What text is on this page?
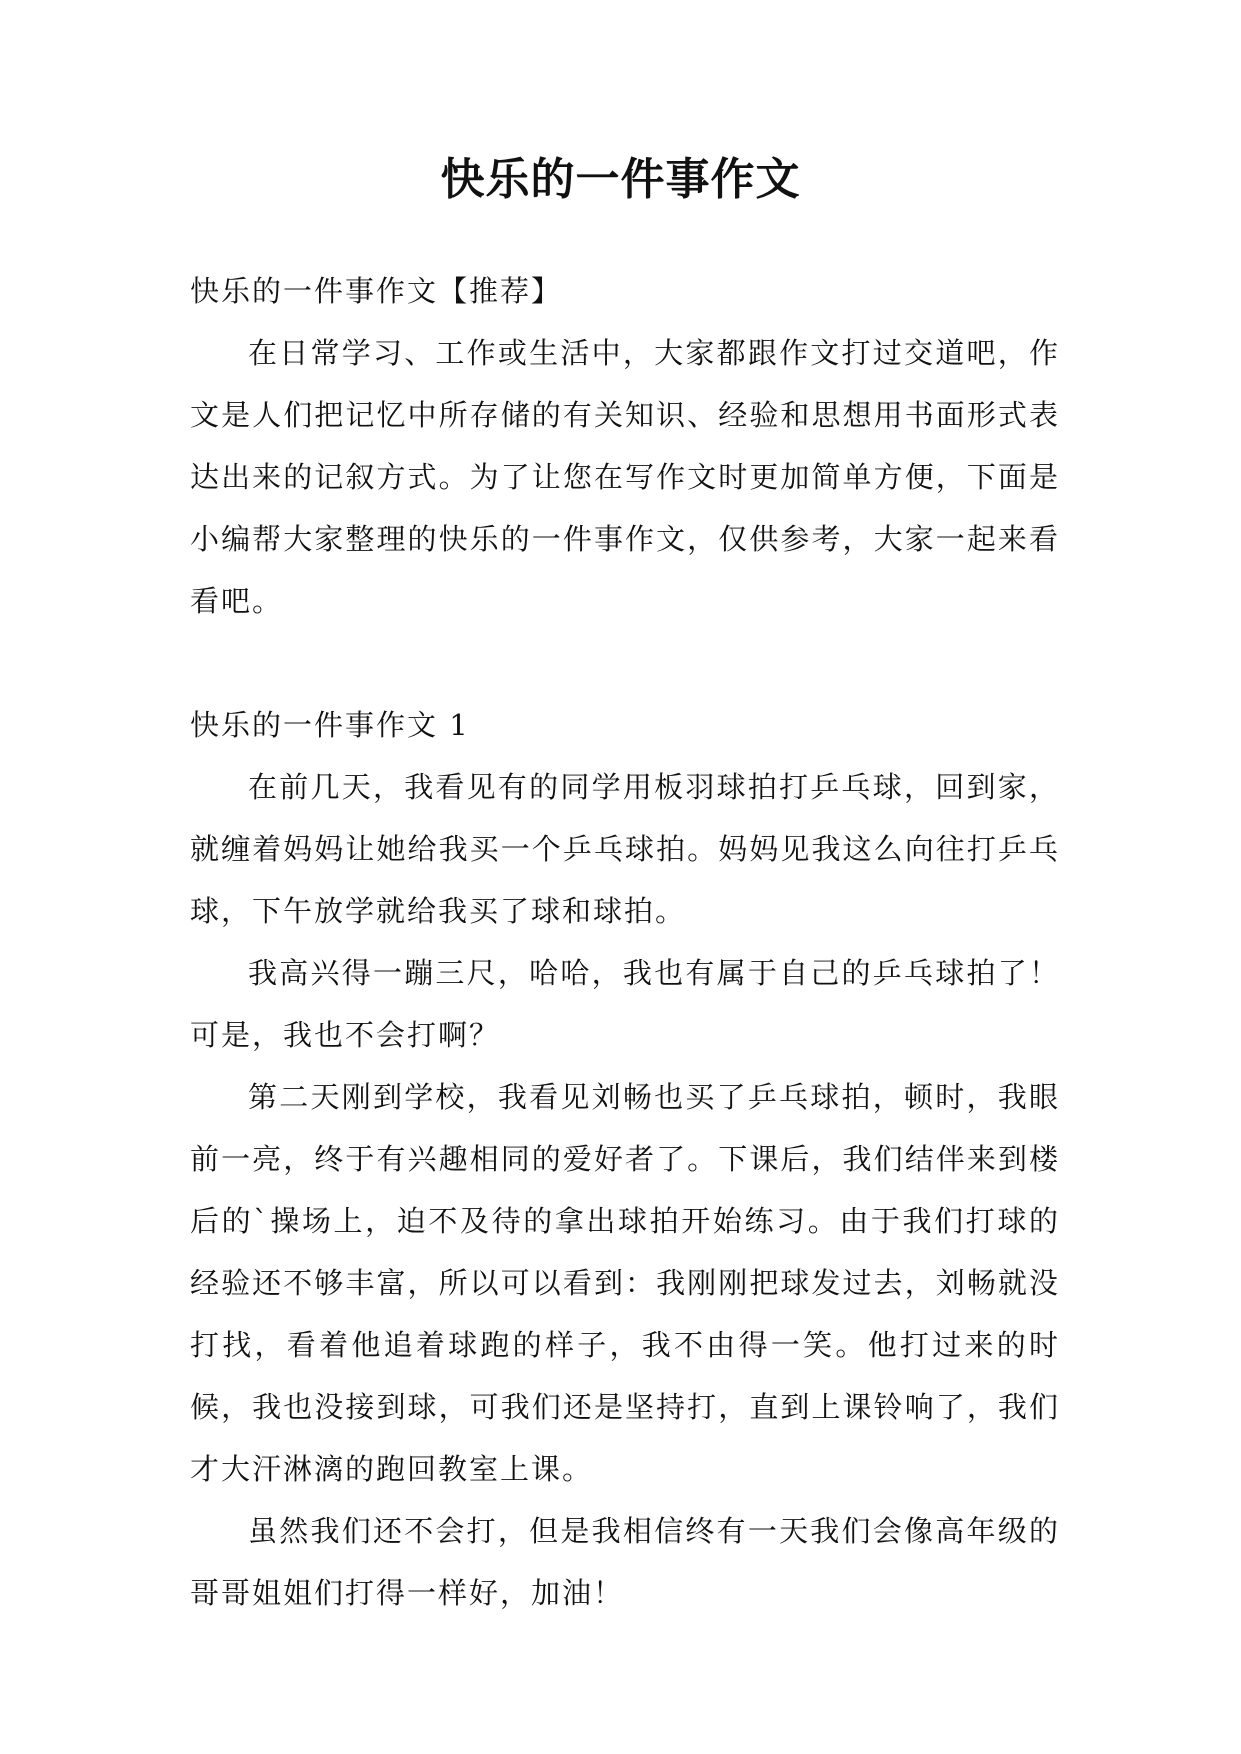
快乐的一件事作文

快乐的一件事作文【推荐】

在日常学习、工作或生活中，大家都跟作文打过交道吧，作文是人们把记忆中所存储的有关知识、经验和思想用书面形式表达出来的记叙方式。为了让您在写作文时更加简单方便，下面是小编帮大家整理的快乐的一件事作文，仅供参考，大家一起来看看吧。

快乐的一件事作文 1

在前几天，我看见有的同学用板羽球拍打乒乓球，回到家，就缠着妈妈让她给我买一个乒乓球拍。妈妈见我这么向往打乒乓球，下午放学就给我买了球和球拍。

我高兴得一蹦三尺，哈哈，我也有属于自己的乒乓球拍了！可是，我也不会打啊？

第二天刚到学校，我看见刘畅也买了乒乓球拍，顿时，我眼前一亮，终于有兴趣相同的爱好者了。下课后，我们结伴来到楼后的`操场上，迫不及待的拿出球拍开始练习。由于我们打球的经验还不够丰富，所以可以看到：我刚刚把球发过去，刘畅就没打找，看着他追着球跑的样子，我不由得一笑。他打过来的时候，我也没接到球，可我们还是坚持打，直到上课铃响了，我们才大汗淋漓的跑回教室上课。

虽然我们还不会打，但是我相信终有一天我们会像高年级的哥哥姐姐们打得一样好，加油！
